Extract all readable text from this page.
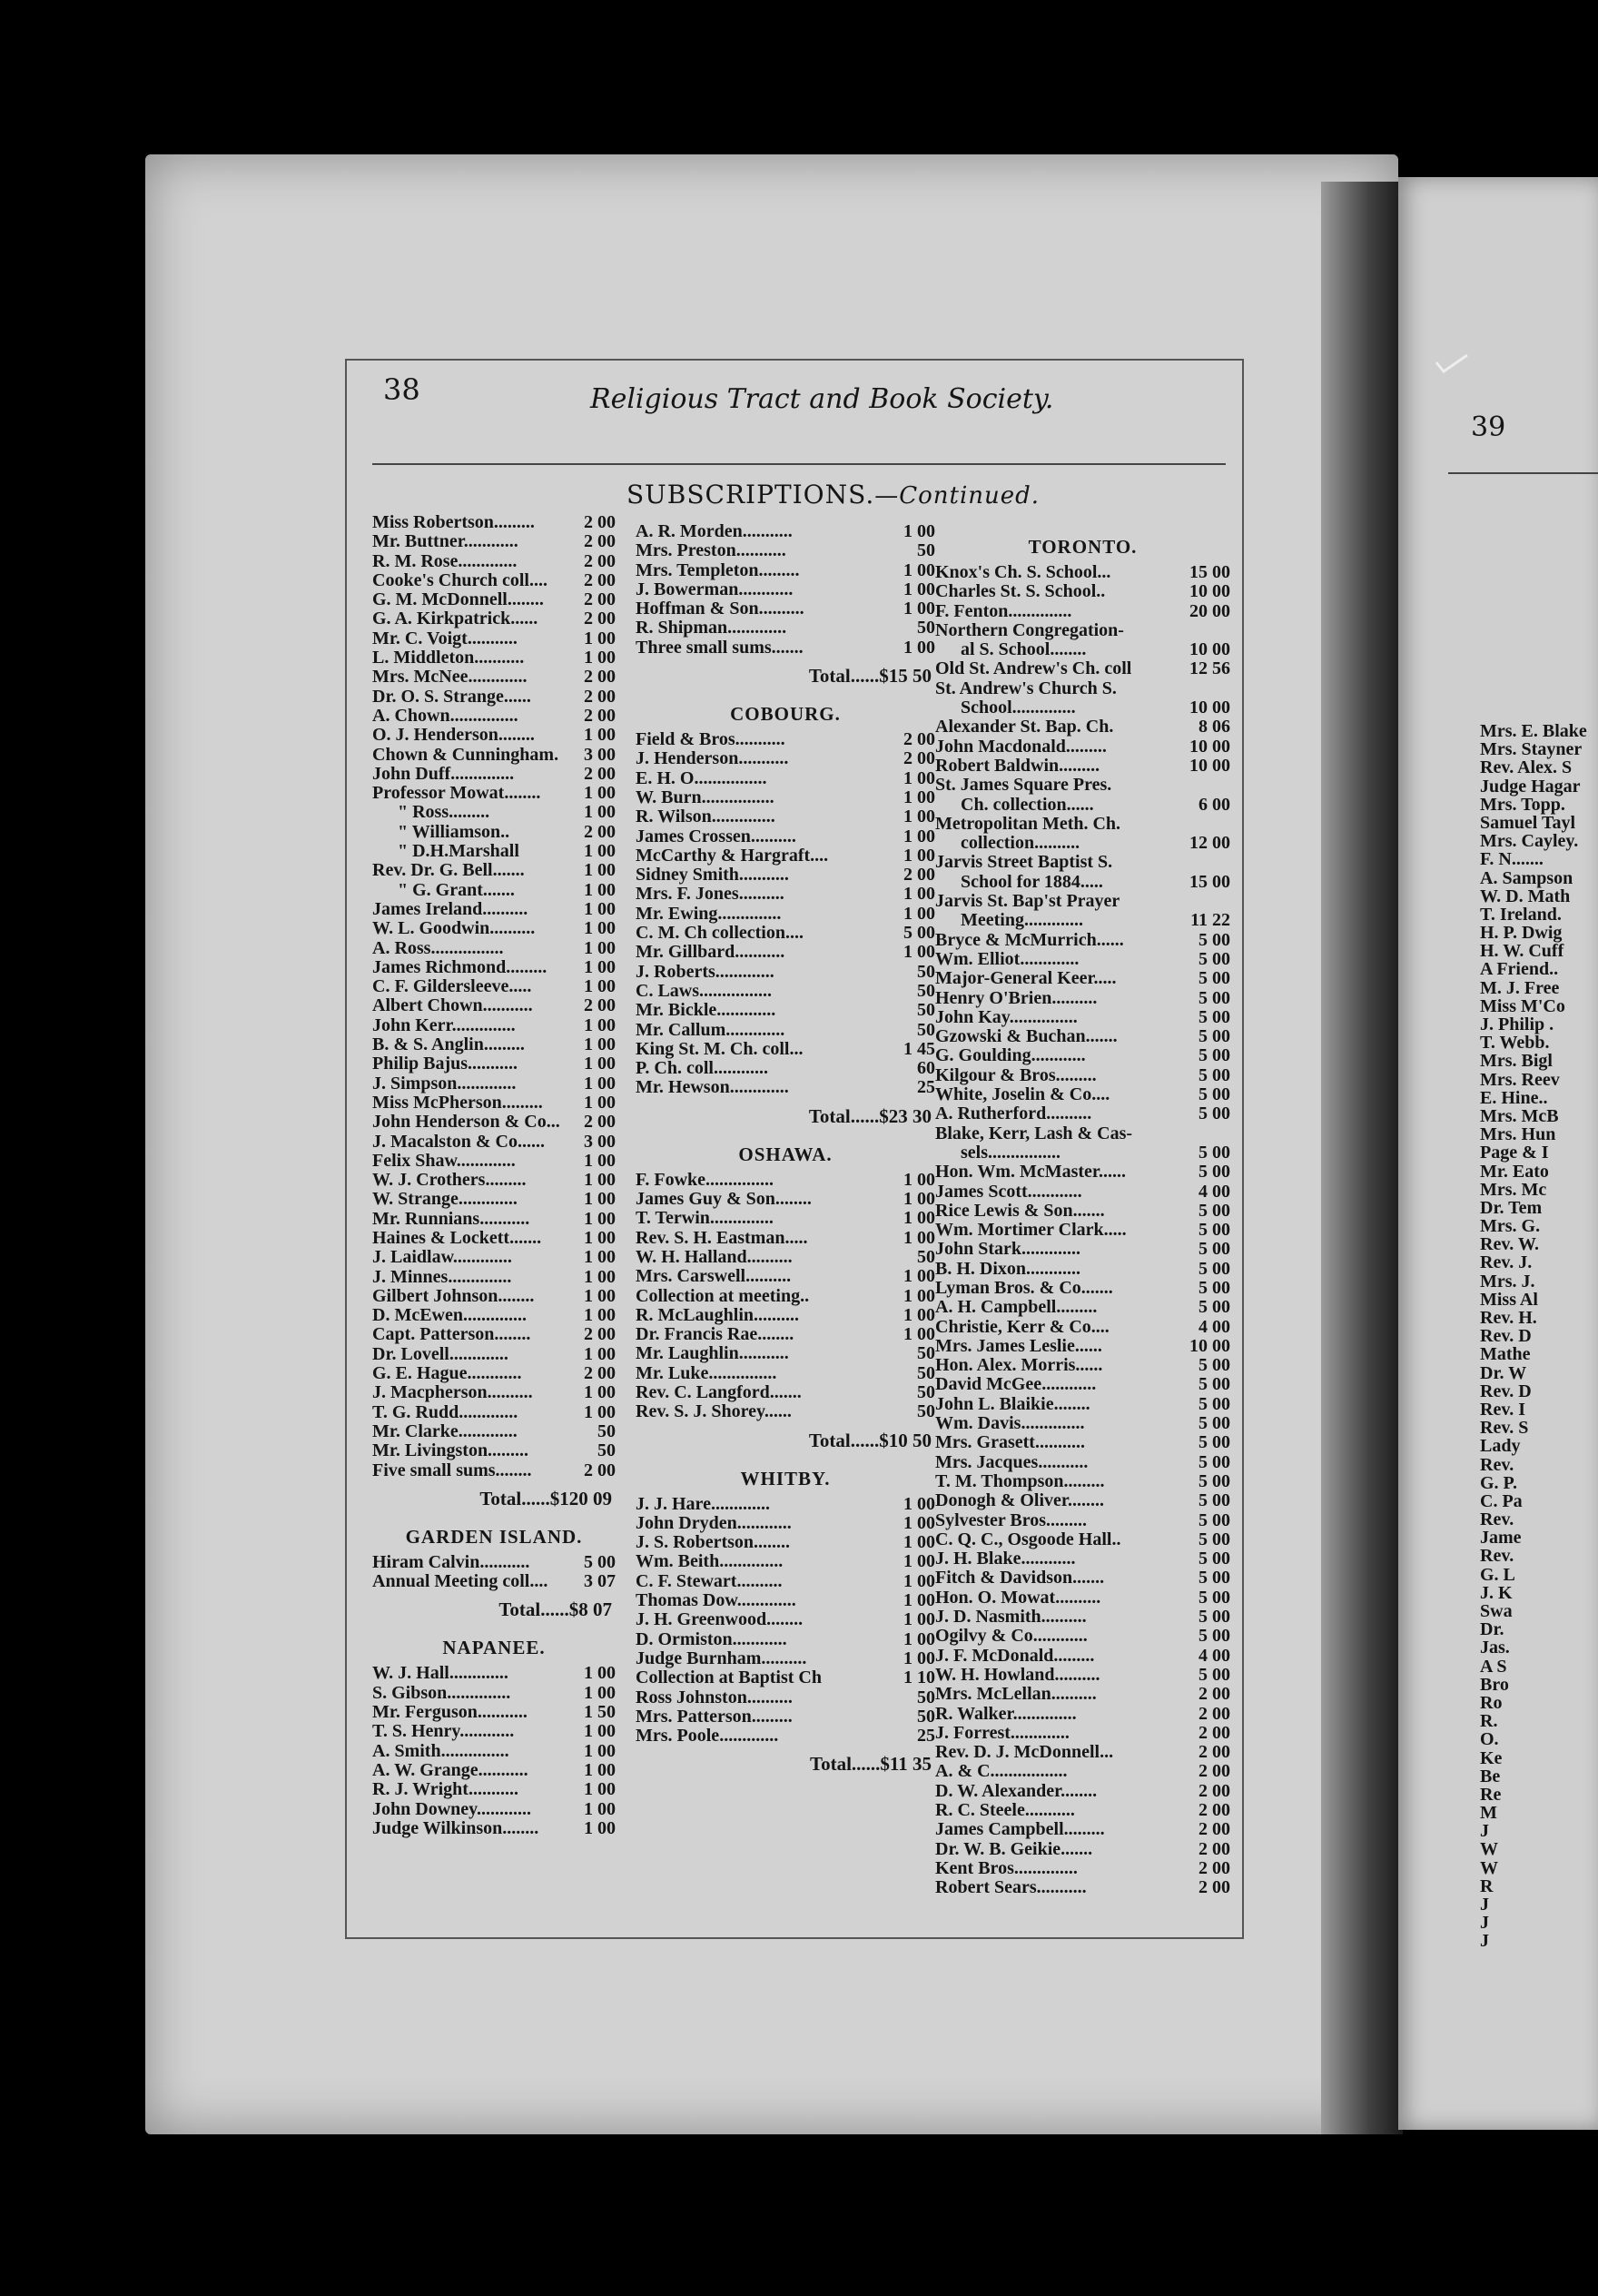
39
Mrs. E. Blake
Mrs. Stayner
Rev. Alex. S
Judge Hagar
Mrs. Topp.
Samuel Tayl
Mrs. Cayley.
F. N.......
A. Sampson
W. D. Math
T. Ireland.
H. P. Dwig
H. W. Cuff
A Friend..
M. J. Free
Miss M'Co
J. Philip .
T. Webb.
Mrs. Bigl
Mrs. Reev
E. Hine..
Mrs. McB
Mrs. Hun
Page & I
Mr. Eato
Mrs. Mc
Dr. Tem
Mrs. G.
Rev. W.
Rev. J.
Mrs. J.
Miss Al
Rev. H.
Rev. D
Mathe
Dr. W
Rev. D
Rev. I
Rev. S
Lady
Rev.
G. P.
C. Pa
Rev.
Jame
Rev.
G. L
J. K
Swa
Dr.
Jas.
A S
Bro
Ro
R.
O.
Ke
Be
Re
M
J
W
W
R
J
J
J
38	Religious Tract and Book Society.
SUBSCRIPTIONS.—Continued.
Miss Robertson.........	2 00
Mr. Buttner............	2 00
R. M. Rose.............	2 00
Cooke's Church coll....	2 00
G. M. McDonnell........	2 00
G. A. Kirkpatrick......	2 00
Mr. C. Voigt...........	1 00
L. Middleton...........	1 00
Mrs. McNee.............	2 00
Dr. O. S. Strange......	2 00
A. Chown...............	2 00
O. J. Henderson........	1 00
Chown & Cunningham.	3 00
John Duff..............	2 00
Professor Mowat........	1 00
" Ross.........	1 00
" Williamson..	2 00
" D.H.Marshall	1 00
Rev. Dr. G. Bell.......	1 00
" G. Grant.......	1 00
James Ireland..........	1 00
W. L. Goodwin..........	1 00
A. Ross................	1 00
James Richmond.........	1 00
C. F. Gildersleeve.....	1 00
Albert Chown...........	2 00
John Kerr..............	1 00
B. & S. Anglin.........	1 00
Philip Bajus...........	1 00
J. Simpson.............	1 00
Miss McPherson.........	1 00
John Henderson & Co...	2 00
J. Macalston & Co......	3 00
Felix Shaw.............	1 00
W. J. Crothers.........	1 00
W. Strange.............	1 00
Mr. Runnians...........	1 00
Haines & Lockett.......	1 00
J. Laidlaw.............	1 00
J. Minnes..............	1 00
Gilbert Johnson........	1 00
D. McEwen..............	1 00
Capt. Patterson........	2 00
Dr. Lovell.............	1 00
G. E. Hague............	2 00
J. Macpherson..........	1 00
T. G. Rudd.............	1 00
Mr. Clarke.............	50
Mr. Livingston.........	50
Five small sums........	2 00
Total......$120 09
GARDEN ISLAND.
Hiram Calvin...........	5 00
Annual Meeting coll....	3 07
Total......$8 07
NAPANEE.
W. J. Hall.............	1 00
S. Gibson..............	1 00
Mr. Ferguson...........	1 50
T. S. Henry............	1 00
A. Smith...............	1 00
A. W. Grange...........	1 00
R. J. Wright...........	1 00
John Downey............	1 00
Judge Wilkinson........	1 00
A. R. Morden...........	1 00
Mrs. Preston...........	50
Mrs. Templeton.........	1 00
J. Bowerman............	1 00
Hoffman & Son..........	1 00
R. Shipman.............	50
Three small sums.......	1 00
Total......$15 50
COBOURG.
Field & Bros...........	2 00
J. Henderson...........	2 00
E. H. O................	1 00
W. Burn................	1 00
R. Wilson..............	1 00
James Crossen..........	1 00
McCarthy & Hargraft....	1 00
Sidney Smith...........	2 00
Mrs. F. Jones..........	1 00
Mr. Ewing..............	1 00
C. M. Ch collection....	5 00
Mr. Gillbard...........	1 00
J. Roberts.............	50
C. Laws................	50
Mr. Bickle.............	50
Mr. Callum.............	50
King St. M. Ch. coll...	1 45
P. Ch. coll............	60
Mr. Hewson.............	25
Total......$23 30
OSHAWA.
F. Fowke...............	1 00
James Guy & Son........	1 00
T. Terwin..............	1 00
Rev. S. H. Eastman.....	1 00
W. H. Halland..........	50
Mrs. Carswell..........	1 00
Collection at meeting..	1 00
R. McLaughlin..........	1 00
Dr. Francis Rae........	1 00
Mr. Laughlin...........	50
Mr. Luke...............	50
Rev. C. Langford.......	50
Rev. S. J. Shorey......	50
Total......$10 50
WHITBY.
J. J. Hare.............	1 00
John Dryden............	1 00
J. S. Robertson........	1 00
Wm. Beith..............	1 00
C. F. Stewart..........	1 00
Thomas Dow.............	1 00
J. H. Greenwood........	1 00
D. Ormiston............	1 00
Judge Burnham..........	1 00
Collection at Baptist Ch	1 10
Ross Johnston..........	50
Mrs. Patterson.........	50
Mrs. Poole.............	25
Total......$11 35
TORONTO.
Knox's Ch. S. School...	15 00
Charles St. S. School..	10 00
F. Fenton..............	20 00
Northern Congregation-
al S. School........	10 00
Old St. Andrew's Ch. coll	12 56
St. Andrew's Church S.
School..............	10 00
Alexander St. Bap. Ch.	8 06
John Macdonald.........	10 00
Robert Baldwin.........	10 00
St. James Square Pres.
Ch. collection......	6 00
Metropolitan Meth. Ch.
collection..........	12 00
Jarvis Street Baptist S.
School for 1884.....	15 00
Jarvis St. Bap'st Prayer
Meeting.............	11 22
Bryce & McMurrich......	5 00
Wm. Elliot.............	5 00
Major-General Keer.....	5 00
Henry O'Brien..........	5 00
John Kay...............	5 00
Gzowski & Buchan.......	5 00
G. Goulding............	5 00
Kilgour & Bros.........	5 00
White, Joselin & Co....	5 00
A. Rutherford..........	5 00
Blake, Kerr, Lash & Cas-
sels................	5 00
Hon. Wm. McMaster......	5 00
James Scott............	4 00
Rice Lewis & Son.......	5 00
Wm. Mortimer Clark.....	5 00
John Stark.............	5 00
B. H. Dixon............	5 00
Lyman Bros. & Co.......	5 00
A. H. Campbell.........	5 00
Christie, Kerr & Co....	4 00
Mrs. James Leslie......	10 00
Hon. Alex. Morris......	5 00
David McGee............	5 00
John L. Blaikie........	5 00
Wm. Davis..............	5 00
Mrs. Grasett...........	5 00
Mrs. Jacques...........	5 00
T. M. Thompson.........	5 00
Donogh & Oliver........	5 00
Sylvester Bros.........	5 00
C. Q. C., Osgoode Hall..	5 00
J. H. Blake............	5 00
Fitch & Davidson.......	5 00
Hon. O. Mowat..........	5 00
J. D. Nasmith..........	5 00
Ogilvy & Co............	5 00
J. F. McDonald.........	4 00
W. H. Howland..........	5 00
Mrs. McLellan..........	2 00
R. Walker..............	2 00
J. Forrest.............	2 00
Rev. D. J. McDonnell...	2 00
A. & C.................	2 00
D. W. Alexander........	2 00
R. C. Steele...........	2 00
James Campbell.........	2 00
Dr. W. B. Geikie.......	2 00
Kent Bros..............	2 00
Robert Sears...........	2 00
